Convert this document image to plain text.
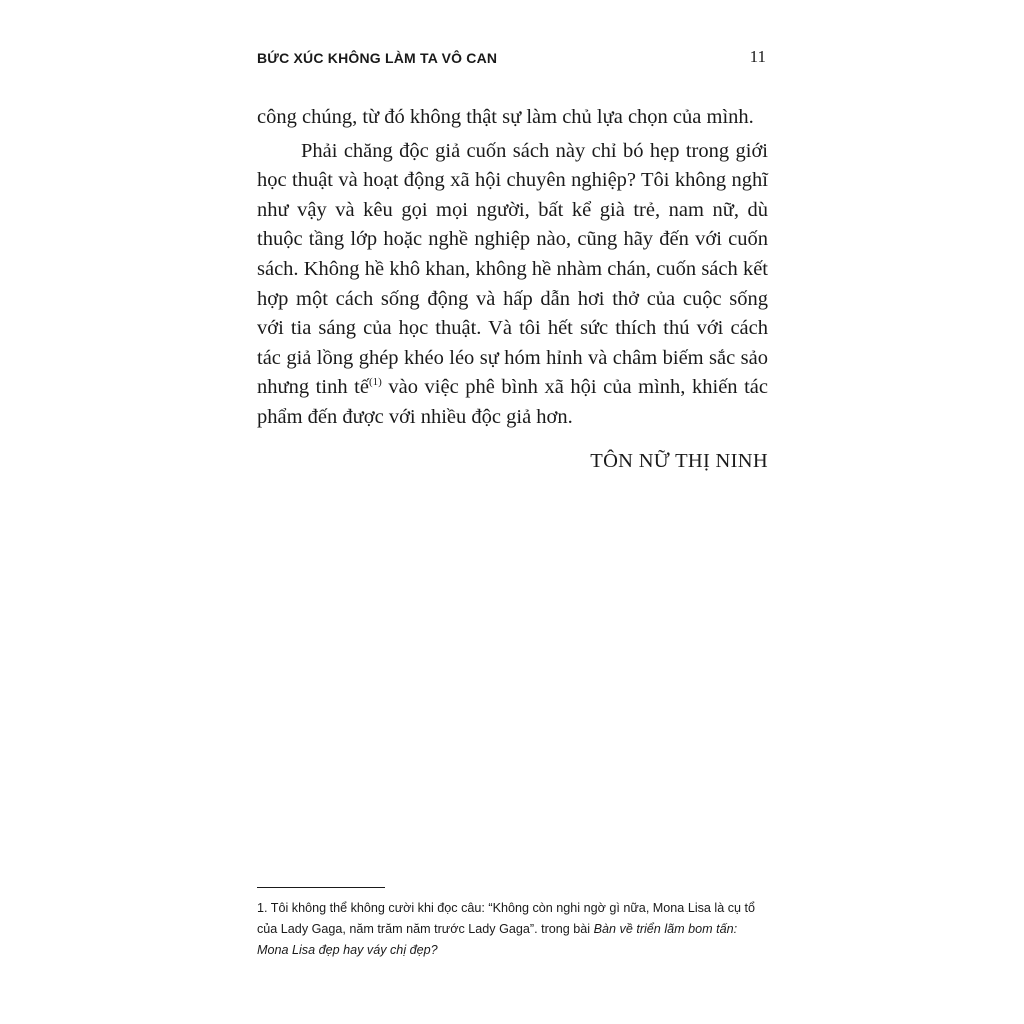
BỨC XÚC KHÔNG LÀM TA VÔ CAN	11

công chúng, từ đó không thật sự làm chủ lựa chọn của mình.

Phải chăng độc giả cuốn sách này chỉ bó hẹp trong giới học thuật và hoạt động xã hội chuyên nghiệp? Tôi không nghĩ như vậy và kêu gọi mọi người, bất kể già trẻ, nam nữ, dù thuộc tầng lớp hoặc nghề nghiệp nào, cũng hãy đến với cuốn sách. Không hề khô khan, không hề nhàm chán, cuốn sách kết hợp một cách sống động và hấp dẫn hơi thở của cuộc sống với tia sáng của học thuật. Và tôi hết sức thích thú với cách tác giả lồng ghép khéo léo sự hóm hỉnh và châm biếm sắc sảo nhưng tinh tế$^{(1)}$ vào việc phê bình xã hội của mình, khiến tác phẩm đến được với nhiều độc giả hơn.

TÔN NỮ THỊ NINH
1. Tôi không thể không cười khi đọc câu: “Không còn nghi ngờ gì nữa, Mona Lisa là cụ tổ của Lady Gaga, năm trăm năm trước Lady Gaga”. trong bài Bàn về triển lãm bom tấn: Mona Lisa đẹp hay váy chị đẹp?
